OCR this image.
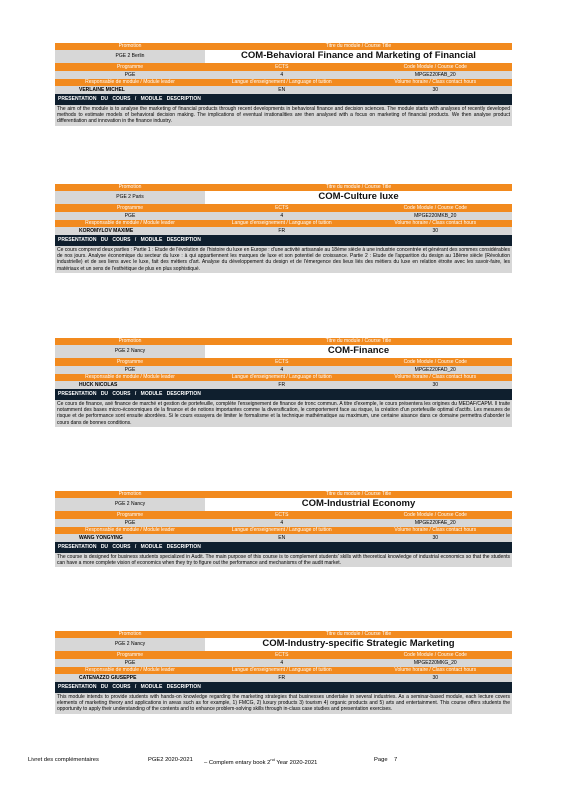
Promotion	Titre du module / Course Title
PGE 2 Berlin	COM-Behavioral Finance and Marketing of Financial
Programme	ECTS	Code Module / Course Code
PGE	4	MPGE220FAB_20
Responsable de module / Module leader	Langue d'enseignement / Language of tuition	Volume horaire / Class contact hours
VERLAINE MICHEL	EN	30
PRESENTATION DU COURS / MODULE DESCRIPTION
The aim of the module is to analyse the marketing of financial products through recent developments in behavioral finance and decision sciences. The module starts with analyses of recently developed methods to estimate models of behavioral decision making. The implications of eventual irrationalities are then analysed with a focus on marketing of financial products. We then analyse product differentiation and innovation in the finance industry.
Promotion	Titre du module / Course Title
PGE 2 Paris	COM-Culture luxe
Programme	ECTS	Code Module / Course Code
PGE	4	MPGE220MKB_20
Responsable de module / Module leader	Langue d'enseignement / Language of tuition	Volume horaire / Class contact hours
KOROMYLOV MAXIME	FR	30
PRESENTATION DU COURS / MODULE DESCRIPTION
Ce cours comprend deux parties : Partie 1 : Etude de l'évolution de l'histoire du luxe en Europe : d'une activité artisanale au 18ème siècle à une industrie concentrée et générant des sommes considérables de nos jours. Analyse économique du secteur du luxe : à qui appartiennent les marques de luxe et son potentiel de croissance. Partie 2 : Etude de l'apparition du design au 18ème siècle (Révolution industrielle) et de ses liens avec le luxe, fait des métiers d'art. Analyse du développement du design et de l'émergence des lieux liés des métiers du luxe en relation étroite avec les savoir-faire, les matériaux et un sens de l'esthétique de plus en plus sophistiqué.
Promotion	Titre du module / Course Title
PGE 2 Nancy	COM-Finance
Programme	ECTS	Code Module / Course Code
PGE	4	MPGE220FAD_20
Responsable de module / Module leader	Langue d'enseignement / Language of tuition	Volume horaire / Class contact hours
HUCK NICOLAS	FR	30
PRESENTATION DU COURS / MODULE DESCRIPTION
Ce cours de finance, axé finance de marché et gestion de portefeuille, complète l'enseignement de finance de tronc commun. A titre d'exemple, le cours présentera les origines du MEDAF/CAPM. Il traite notamment des bases micro-économiques de la finance et de notions importantes comme la diversification, le comportement face au risque, la création d'un portefeuille optimal d'actifs. Les mesures de risque et de performance sont ensuite abordées. Si le cours essayera de limiter le formalisme et la technique mathématique au maximum, une certaine aisance dans ce domaine permettra d'aborder le cours dans de bonnes conditions.
Promotion	Titre du module / Course Title
PGE 2 Nancy	COM-Industrial Economy
Programme	ECTS	Code Module / Course Code
PGE	4	MPGE220FAE_20
Responsable de module / Module leader	Langue d'enseignement / Language of tuition	Volume horaire / Class contact hours
WANG YONGYING	EN	30
PRESENTATION DU COURS / MODULE DESCRIPTION
The course is designed for business students specialized in Audit. The main purpose of this course is to complement students' skills with theoretical knowledge of industrial economics so that the students can have a more complete vision of economics when they try to figure out the performance and mechanisms of the audit market.
Promotion	Titre du module / Course Title
PGE 2 Nancy	COM-Industry-specific Strategic Marketing
Programme	ECTS	Code Module / Course Code
PGE	4	MPGE220MKG_20
Responsable de module / Module leader	Langue d'enseignement / Language of tuition	Volume horaire / Class contact hours
CATENAZZO GIUSEPPE	FR	30
PRESENTATION DU COURS / MODULE DESCRIPTION
This module intends to provide students with hands-on knowledge regarding the marketing strategies that businesses undertake in several industries. As a seminar-based module, each lecture covers elements of marketing theory and applications in areas such as for example, 1) FMCG, 2) luxury products 3) tourism 4) organic products and 5) arts and entertainment. This course offers students the opportunity to apply their understanding of the contents and to enhance problem-solving skills through in-class case studies and presentation exercises.
Livret des complémentaires	PGE2 2020-2021	– Complem entary book 2nd Year 2020-2021	Page	7
